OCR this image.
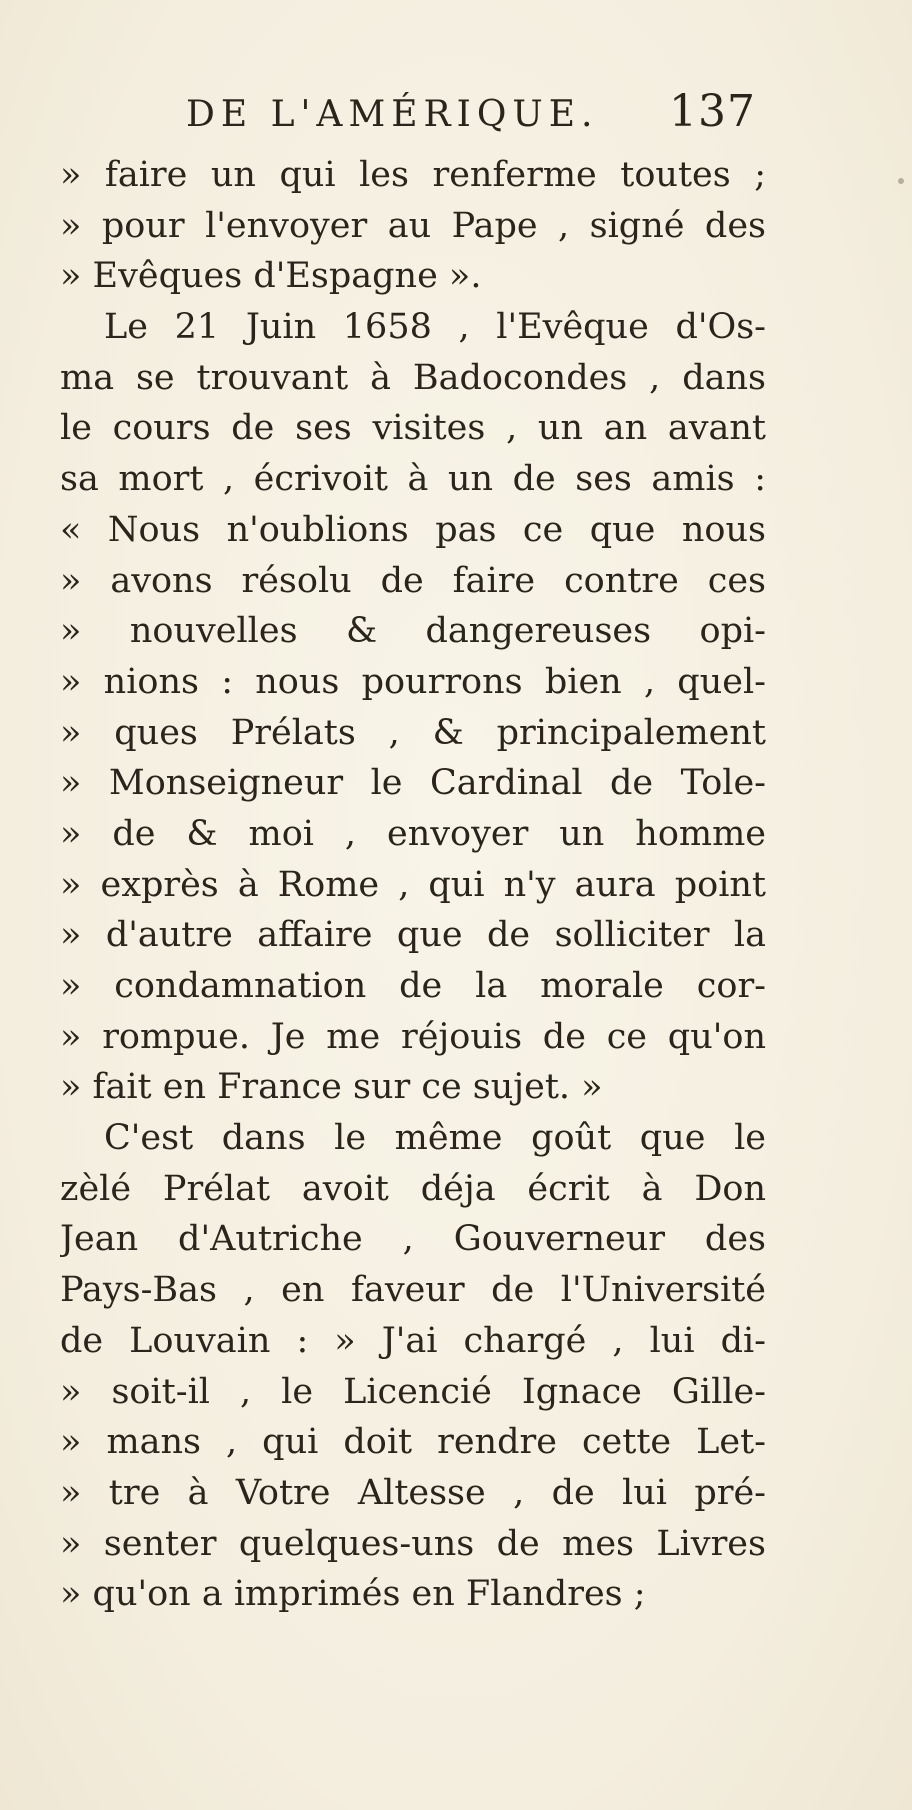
DE L'AMÉRIQUE. 137
» faire un qui les renferme toutes ;
» pour l'envoyer au Pape , signé des
» Evêques d'Espagne ».
Le 21 Juin 1658 , l'Evêque d'Os-
ma se trouvant à Badocondes , dans
le cours de ses visites , un an avant
sa mort , écrivoit à un de ses amis :
« Nous n'oublions pas ce que nous
» avons résolu de faire contre ces
» nouvelles & dangereuses opi-
» nions : nous pourrons bien , quel-
» ques Prélats , & principalement
» Monseigneur le Cardinal de Tole-
» de & moi , envoyer un homme
» exprès à Rome , qui n'y aura point
» d'autre affaire que de solliciter la
» condamnation de la morale cor-
» rompue. Je me réjouis de ce qu'on
» fait en France sur ce sujet. »
C'est dans le même goût que le
zèlé Prélat avoit déja écrit à Don
Jean d'Autriche , Gouverneur des
Pays-Bas , en faveur de l'Université
de Louvain : » J'ai chargé , lui di-
» soit-il , le Licencié Ignace Gille-
» mans , qui doit rendre cette Let-
» tre à Votre Altesse , de lui pré-
» senter quelques-uns de mes Livres
» qu'on a imprimés en Flandres ;
